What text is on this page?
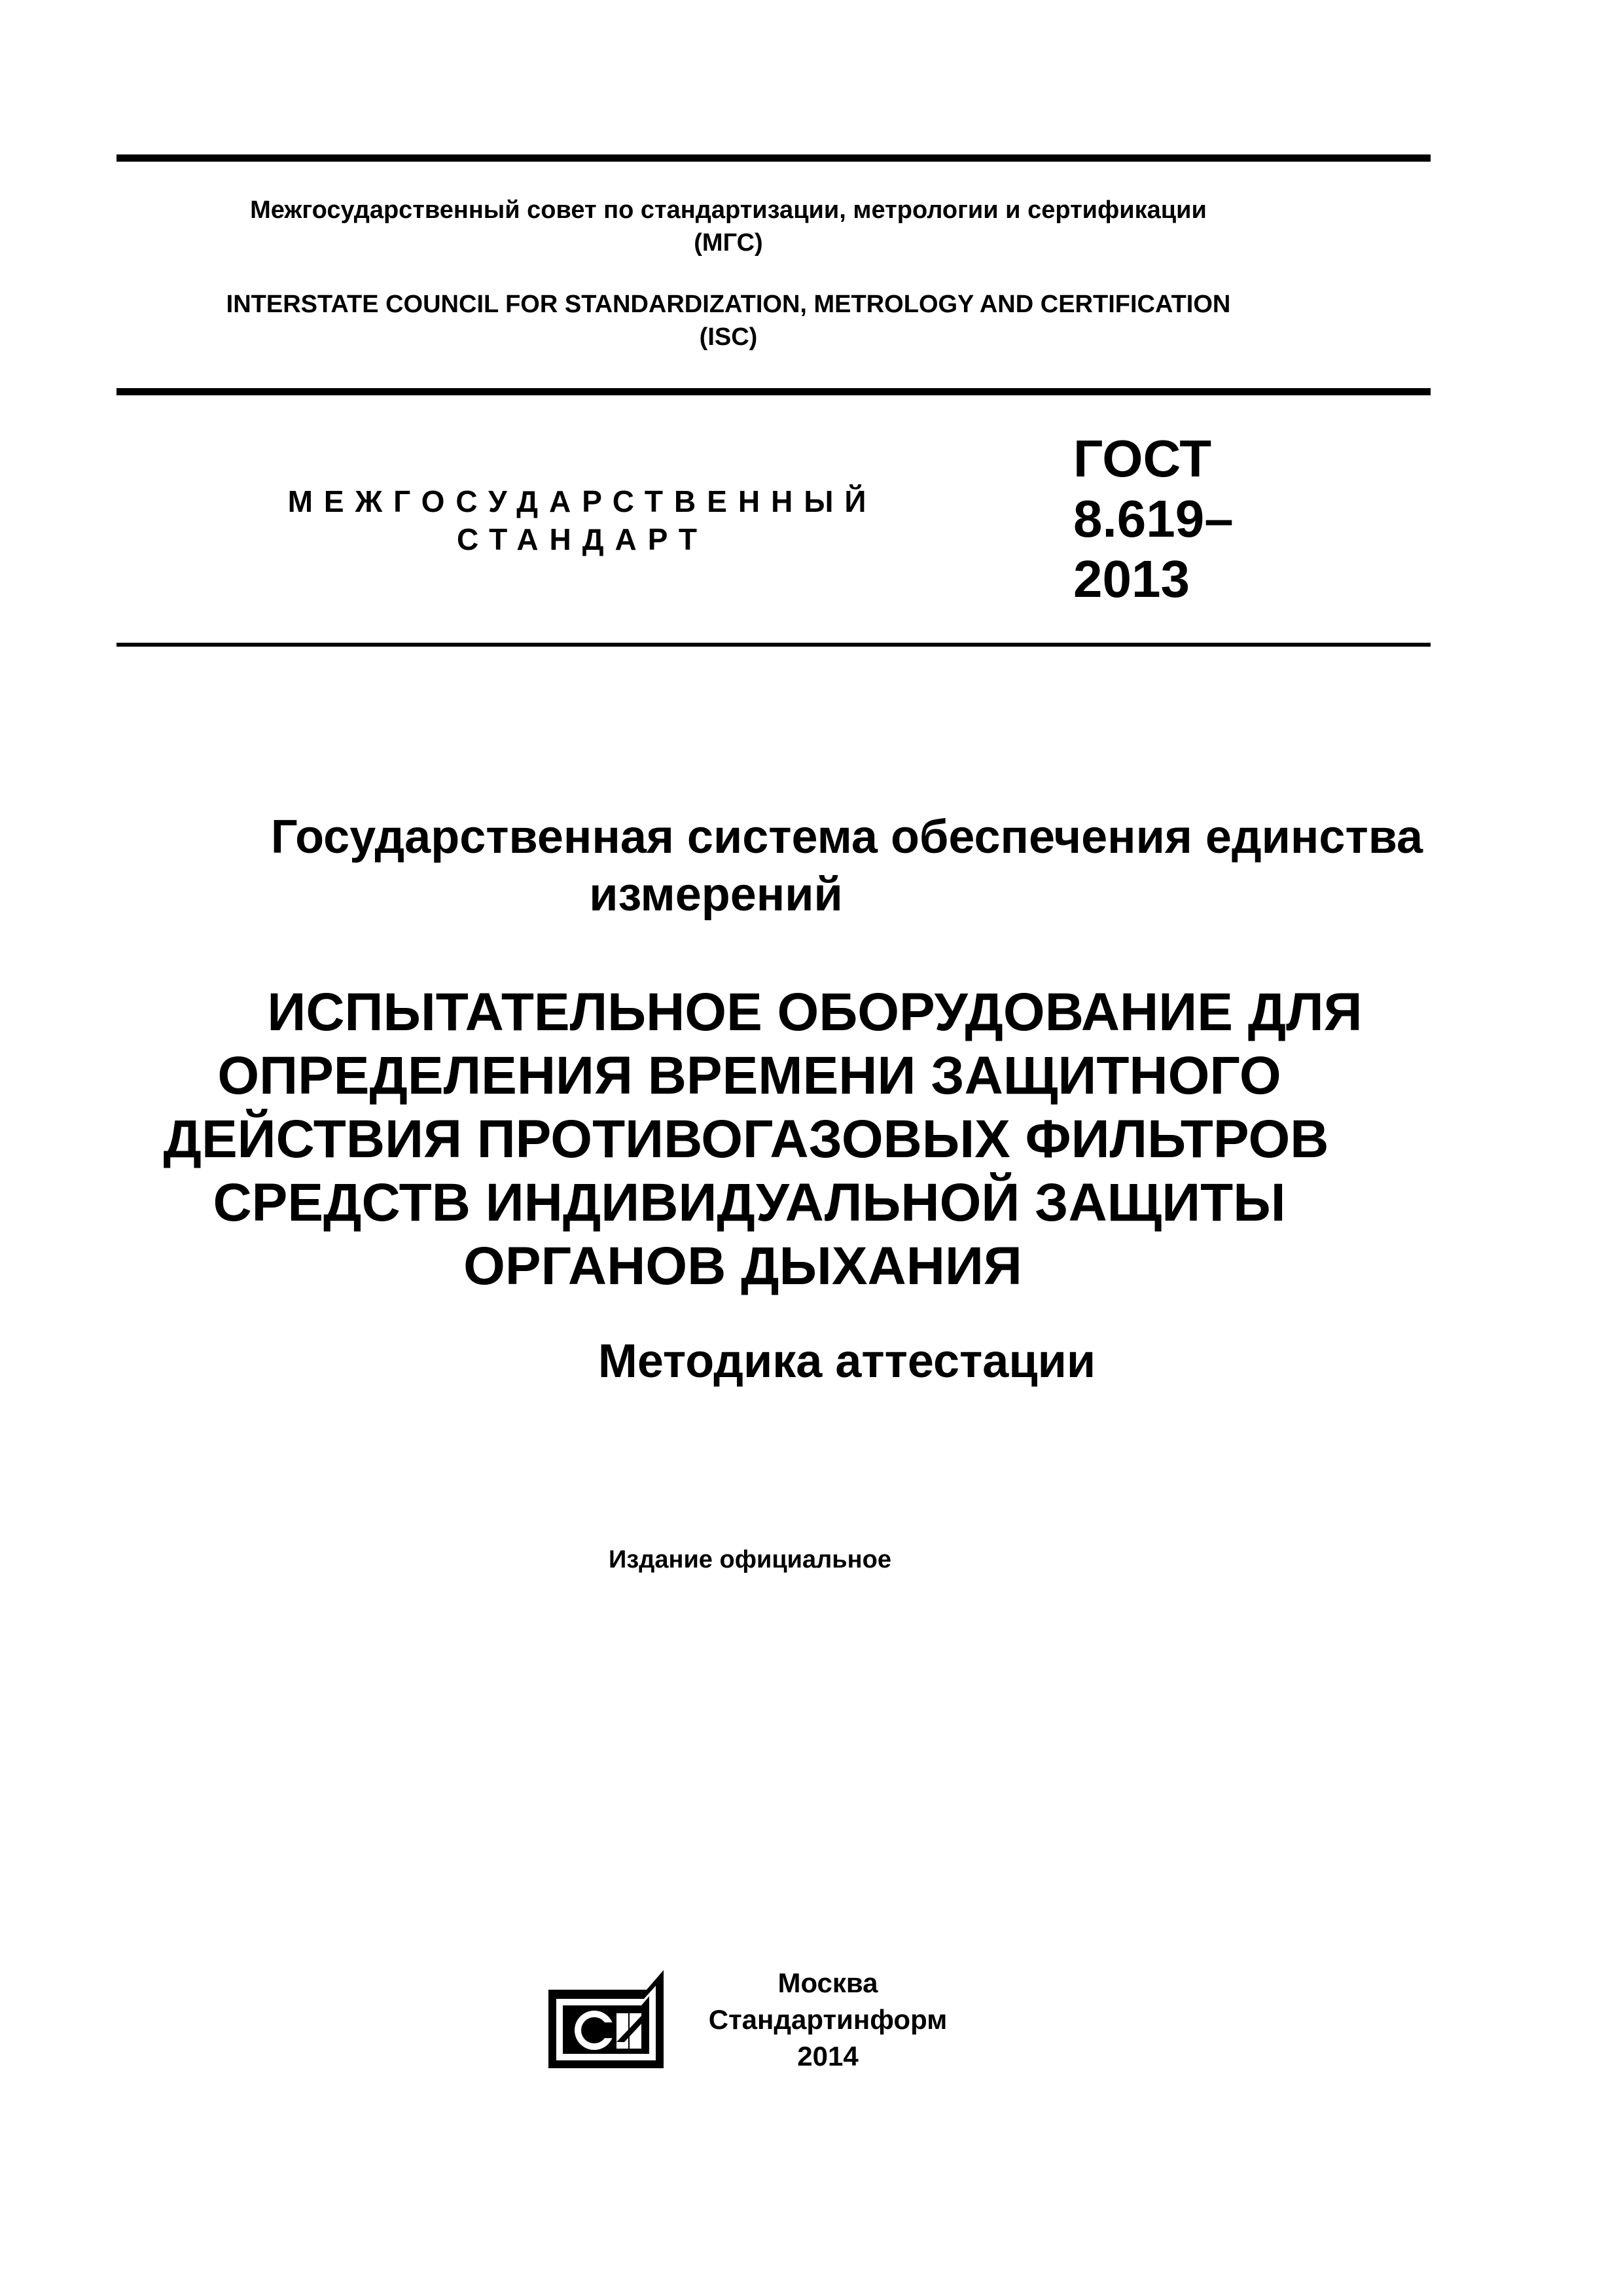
Межгосударственный совет по стандартизации, метрологии и сертификации
(МГС)
INTERSTATE COUNCIL FOR STANDARDIZATION, METROLOGY AND CERTIFICATION
(ISC)
МЕЖГОСУДАРСТВЕННЫЙ
СТАНДАРТ
ГОСТ
8.619–
2013
Государственная система обеспечения единства
измерений
ИСПЫТАТЕЛЬНОЕ ОБОРУДОВАНИЕ ДЛЯ
ОПРЕДЕЛЕНИЯ ВРЕМЕНИ ЗАЩИТНОГО
ДЕЙСТВИЯ ПРОТИВОГАЗОВЫХ ФИЛЬТРОВ
СРЕДСТВ ИНДИВИДУАЛЬНОЙ ЗАЩИТЫ
ОРГАНОВ ДЫХАНИЯ
Методика аттестации
Издание официальное
Москва
Стандартинформ
2014
